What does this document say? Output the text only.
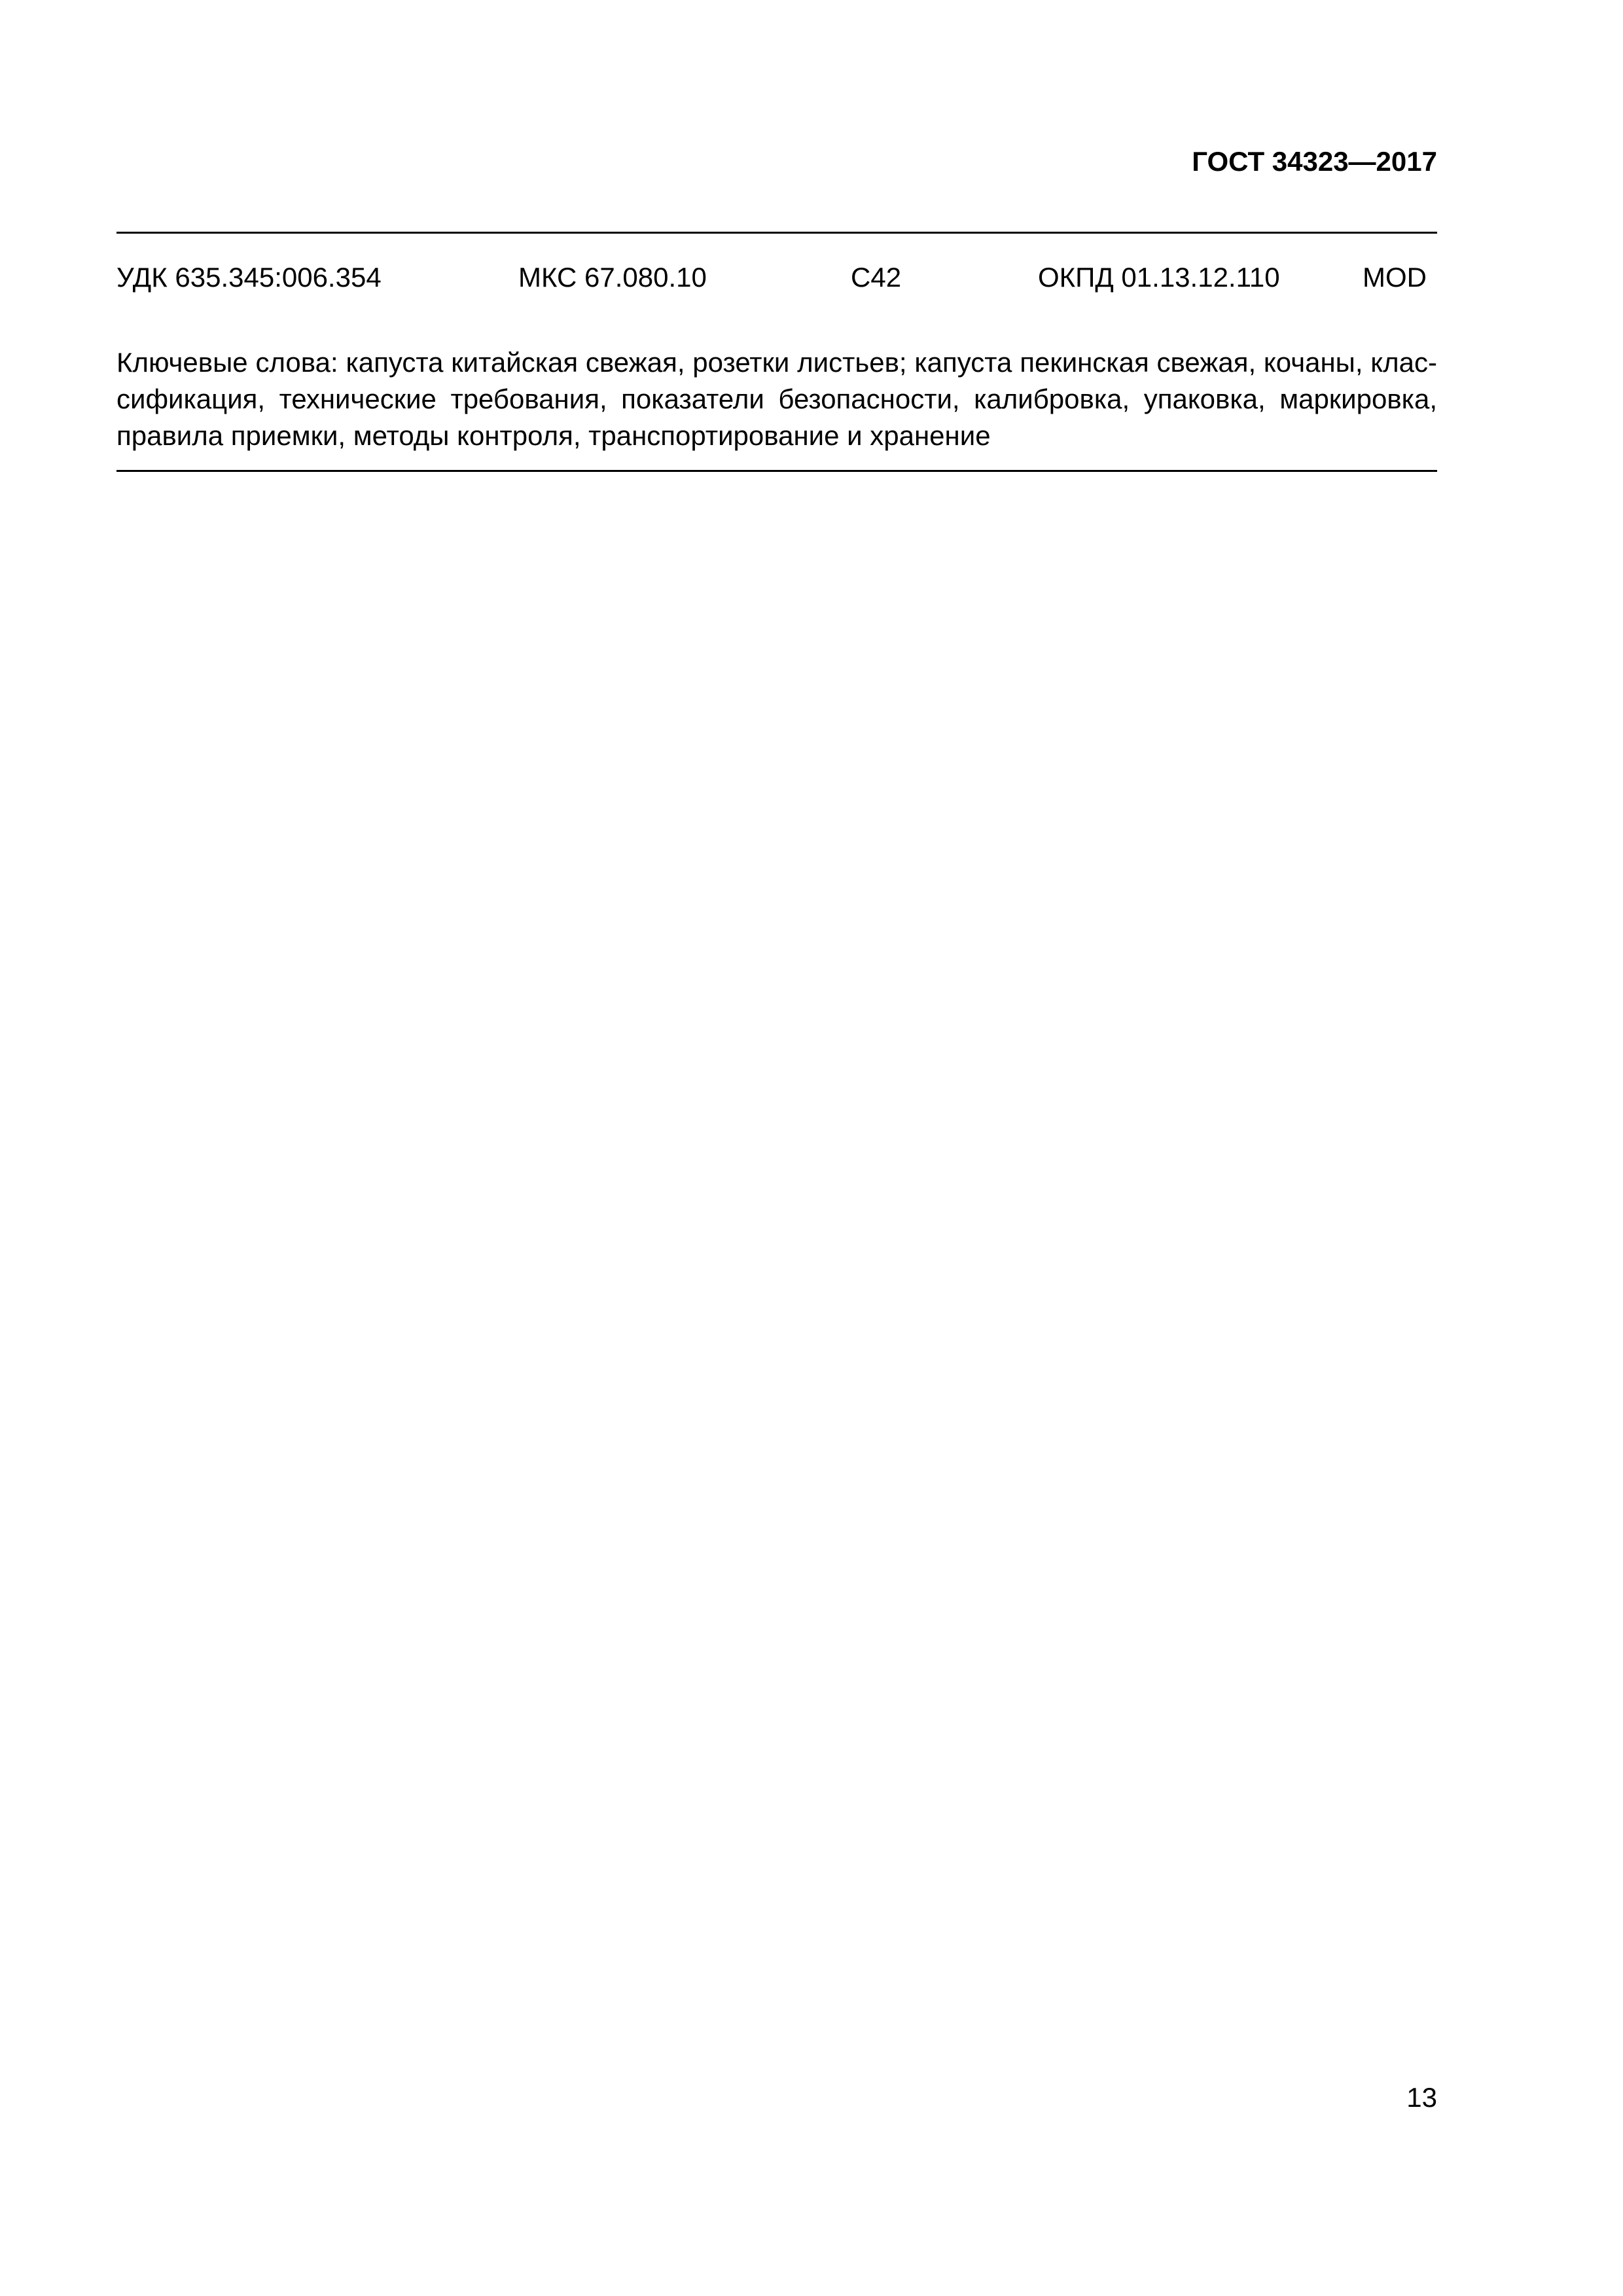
ГОСТ 34323—2017
УДК 635.345:006.354	МКС 67.080.10	С42	ОКПД 01.13.12.110	MOD

Ключевые слова: капуста китайская свежая, розетки листьев; капуста пекинская свежая, кочаны, клас-сификация, технические требования, показатели безопасности, калибровка, упаковка, маркировка, правила приемки, методы контроля, транспортирование и хранение

13
